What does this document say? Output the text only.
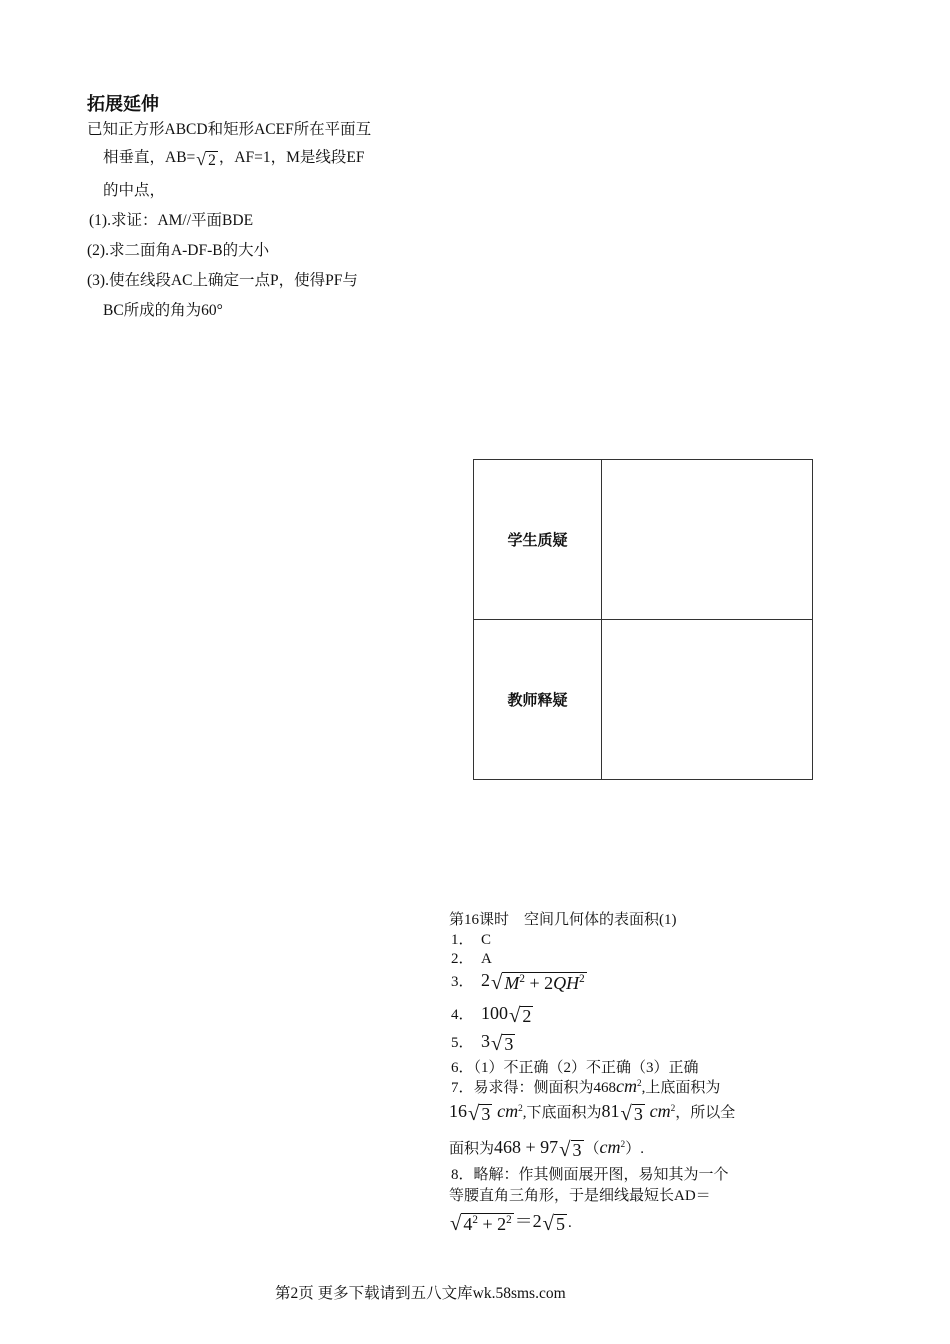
拓展延伸
已知正方形ABCD和矩形ACEF所在平面互
相垂直，AB= √ 2 ，AF=1，M是线段EF
的中点，
(1).求证：AM//平面BDE
(2).求二面角A-DF-B的大小
(3).使在线段AC上确定一点P，使得PF与
BC所成的角为60°
学生质疑	
教师释疑	
第16课时　空间几何体的表面积(1)
1．　C
2．　A
3． 2 √ $M^2 + 2QH^2$
4． 100 √ 2
5． 3 √ 3
6．（1）不正确（2）不正确（3）正确
7．易求得：侧面积为$468cm^2$,上底面积为
16 √ 3 $cm^2$,下底面积为81 √ 3 $cm^2$，所以全
面积为468 + 97 √ 3 $(cm^2)$.
8．略解：作其侧面展开图，易知其为一个
等腰直角三角形，于是细线最短长AD＝
√ $4^2 + 2^2 =2$ √ 5 .
第2页 更多下载请到五八文库wk.58sms.com
